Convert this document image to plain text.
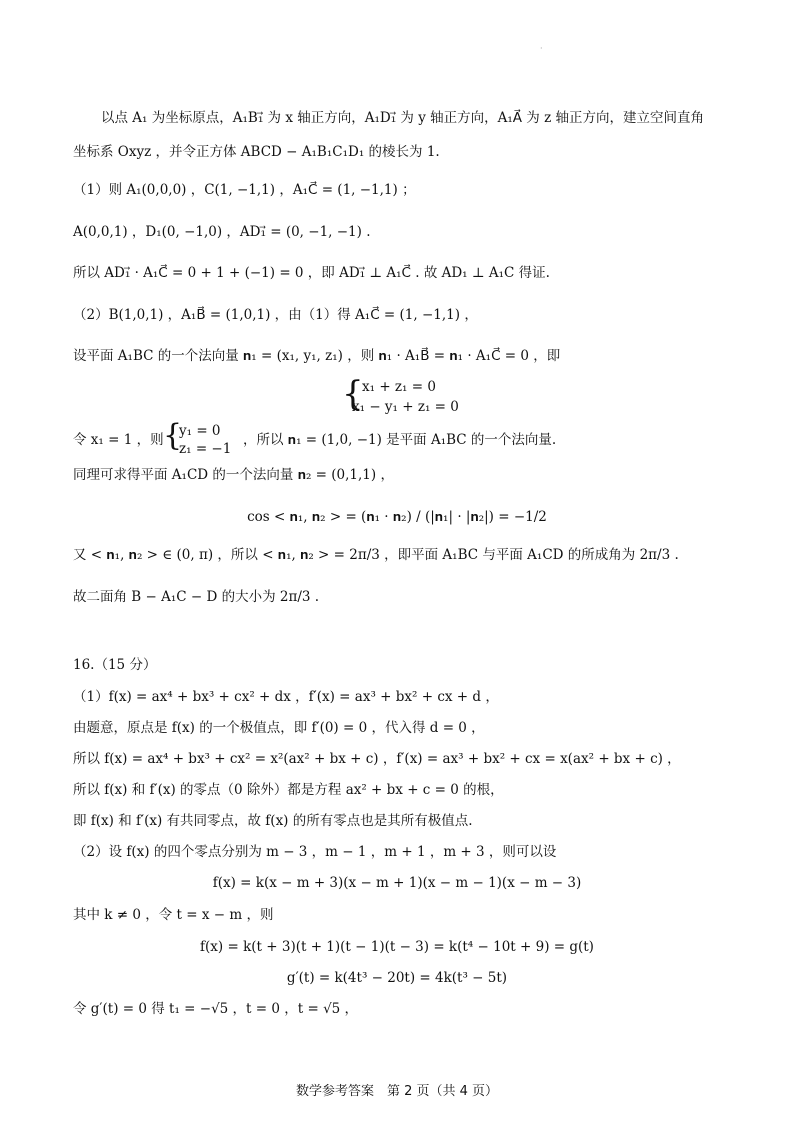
·
以点 A₁ 为坐标原点，A₁B₁⃗ 为 x 轴正方向，A₁D₁⃗ 为 y 轴正方向，A₁A⃗ 为 z 轴正方向，建立空间直角
坐标系 Oxyz ，并令正方体 ABCD − A₁B₁C₁D₁ 的棱长为 1.
（1）则 A₁(0,0,0) ，C(1, −1,1) ，A₁C⃗ = (1, −1,1) ；
A(0,0,1) ，D₁(0, −1,0) ，AD₁⃗ = (0, −1, −1) .
所以 AD₁⃗ · A₁C⃗ = 0 + 1 + (−1) = 0 ，即 AD₁⃗ ⊥ A₁C⃗ . 故 AD₁ ⊥ A₁C 得证.
（2）B(1,0,1) ，A₁B⃗ = (1,0,1) ，由（1）得 A₁C⃗ = (1, −1,1) ，
设平面 A₁BC 的一个法向量 𝐧₁ = (x₁, y₁, z₁) ，则 𝐧₁ · A₁B⃗ = 𝐧₁ · A₁C⃗ = 0 ，即
{
x₁ + z₁ = 0
x₁ − y₁ + z₁ = 0
令 x₁ = 1 ，则 {
y₁ = 0
z₁ = −1
，所以 𝐧₁ = (1,0, −1) 是平面 A₁BC 的一个法向量.
同理可求得平面 A₁CD 的一个法向量 𝐧₂ = (0,1,1) ，
cos < 𝐧₁, 𝐧₂ > = (𝐧₁ · 𝐧₂) / (|𝐧₁| · |𝐧₂|) = −1/2
又 < 𝐧₁, 𝐧₂ > ∈ (0, π) ，所以 < 𝐧₁, 𝐧₂ > = 2π/3 ，即平面 A₁BC 与平面 A₁CD 的所成角为 2π/3 .
故二面角 B − A₁C − D 的大小为 2π/3 .
16.（15 分）
（1）f(x) = ax⁴ + bx³ + cx² + dx ，f′(x) = ax³ + bx² + cx + d ，
由题意，原点是 f(x) 的一个极值点，即 f′(0) = 0 ，代入得 d = 0 ，
所以 f(x) = ax⁴ + bx³ + cx² = x²(ax² + bx + c) ，f′(x) = ax³ + bx² + cx = x(ax² + bx + c) ，
所以 f(x) 和 f′(x) 的零点（0 除外）都是方程 ax² + bx + c = 0 的根，
即 f(x) 和 f′(x) 有共同零点，故 f(x) 的所有零点也是其所有极值点.
（2）设 f(x) 的四个零点分别为 m − 3 ，m − 1 ，m + 1 ，m + 3 ，则可以设
f(x) = k(x − m + 3)(x − m + 1)(x − m − 1)(x − m − 3)
其中 k ≠ 0 ，令 t = x − m ，则
f(x) = k(t + 3)(t + 1)(t − 1)(t − 3) = k(t⁴ − 10t + 9) = g(t)
g′(t) = k(4t³ − 20t) = 4k(t³ − 5t)
令 g′(t) = 0 得 t₁ = −√5 ，t = 0 ，t = √5 ，
数学参考答案　第 2 页（共 4 页）
